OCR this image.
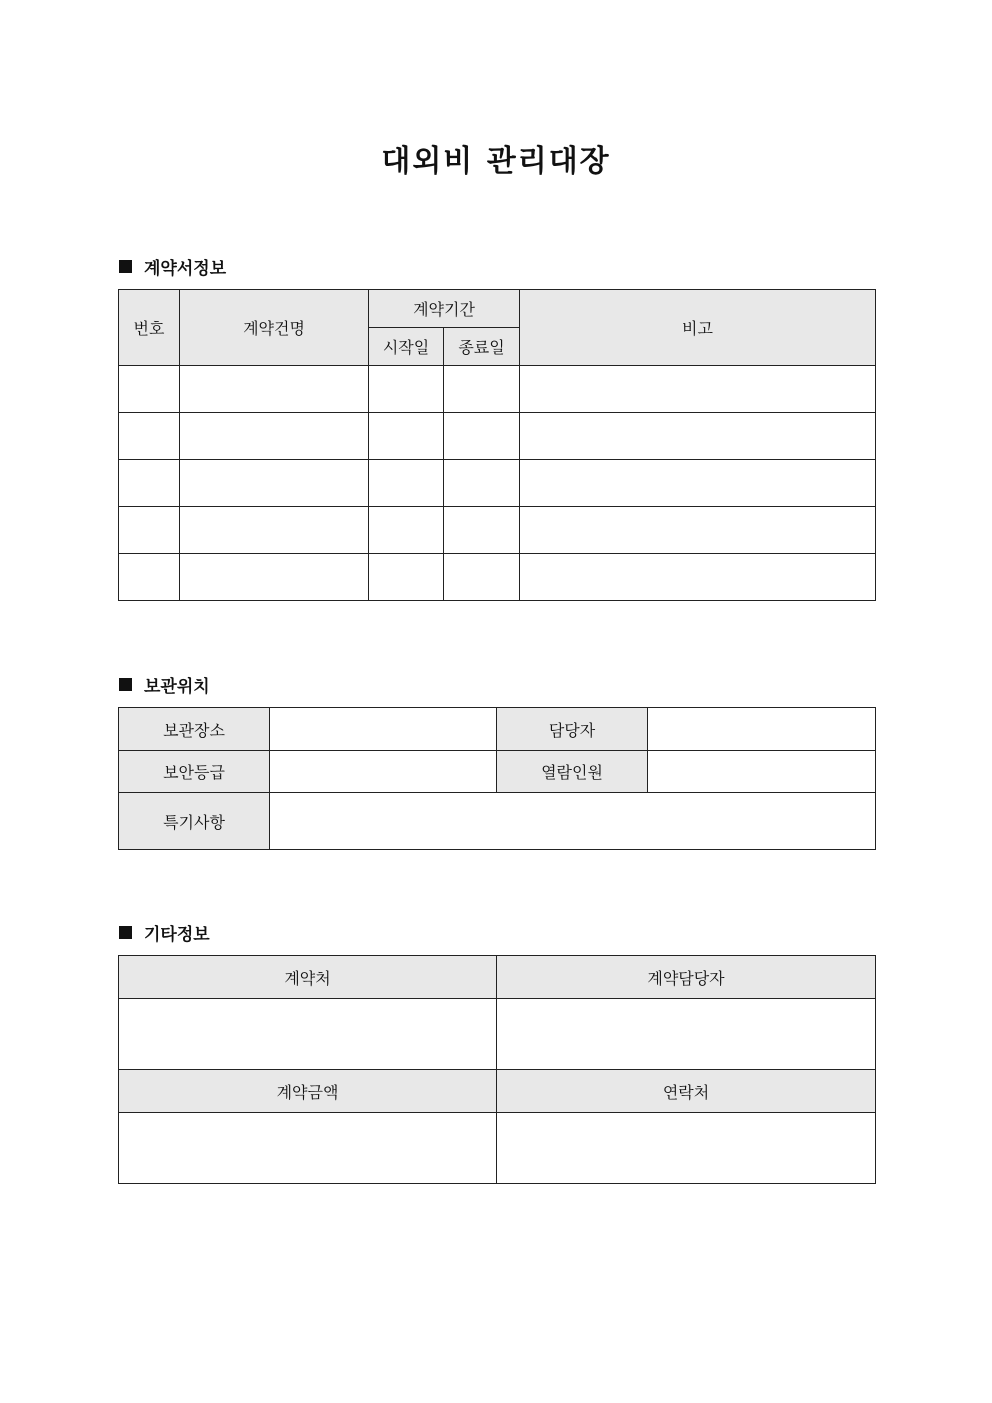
대외비 관리대장
계약서정보
번호	계약건명	계약기간		비고
		시작일	종료일	

보관위치
보관장소		담당자	
보안등급		열람인원	
특기사항			
기타정보
계약처	계약담당자

계약금액	연락처
